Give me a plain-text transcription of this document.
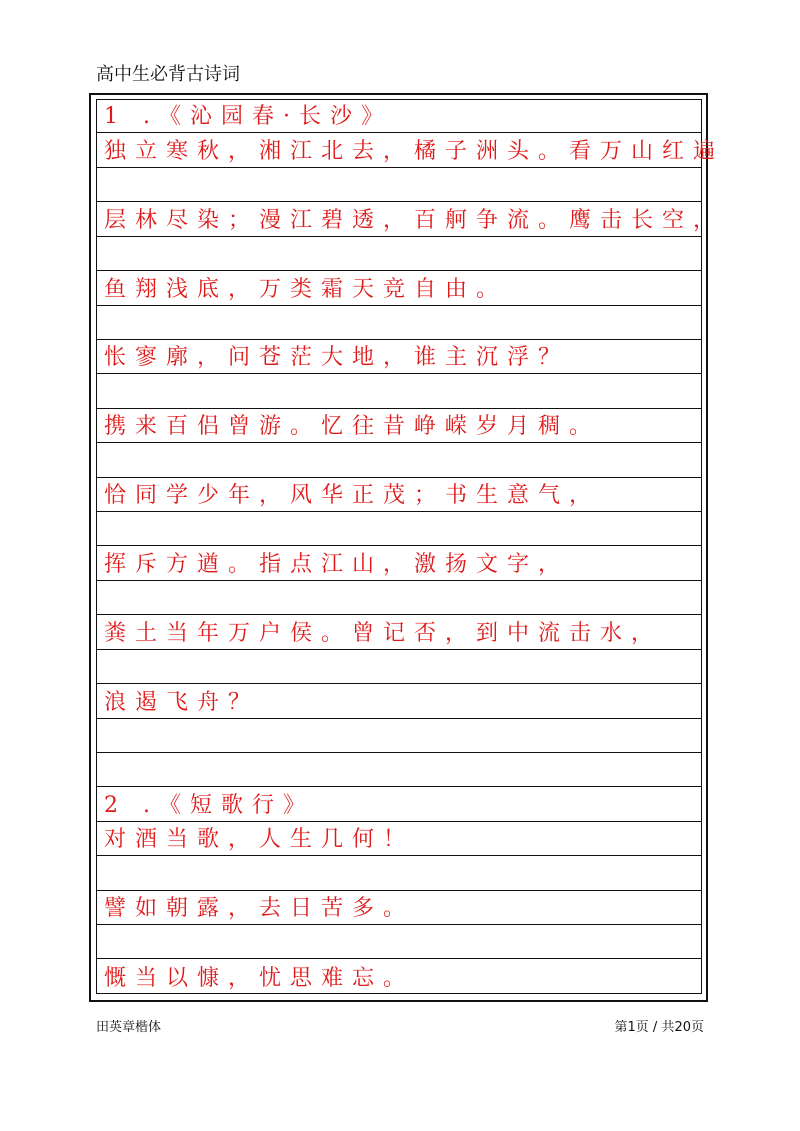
高中生必背古诗词
1 .《沁园春·长沙》
独立寒秋，湘江北去，橘子洲头。看万山红遍
层林尽染；漫江碧透，百舸争流。鹰击长空，
鱼翔浅底，万类霜天竞自由。
怅寥廓，问苍茫大地，谁主沉浮？
携来百侣曾游。忆往昔峥嵘岁月稠。
恰同学少年，风华正茂；书生意气，
挥斥方遒。指点江山，激扬文字，
粪土当年万户侯。曾记否，到中流击水，
浪遏飞舟？
2 .《短歌行》
对酒当歌，人生几何！
譬如朝露，去日苦多。
慨当以慷，忧思难忘。
田英章楷体	第1页 / 共20页
